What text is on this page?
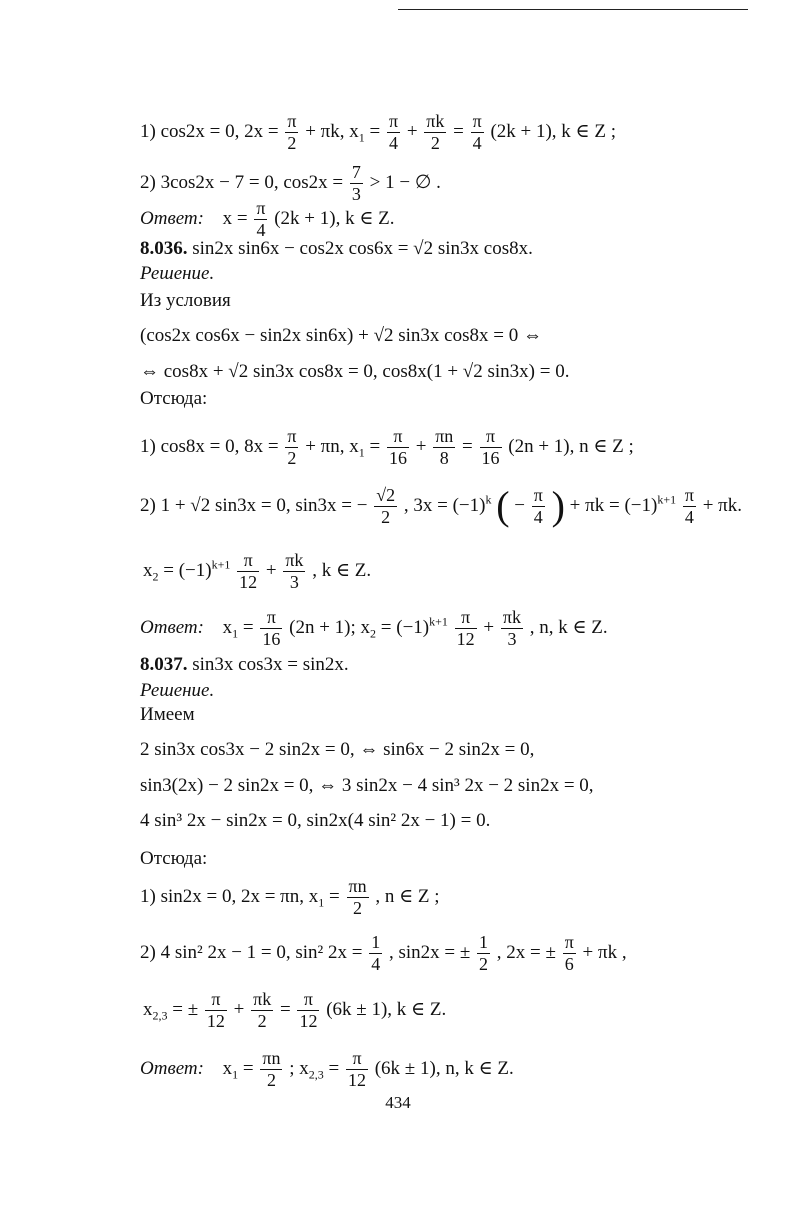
1) cos2x = 0, $2x = \frac{\pi}{2} + \pi k$, $x_1 = \frac{\pi}{4} + \frac{\pi k}{2} = \frac{\pi}{4} (2k + 1)$, k ∈ Z ;
2) 3cos2x − 7 = 0, $\cos 2x = \frac{7}{3} > 1$ − ∅ .
Ответ: $x = \frac{\pi}{4} (2k + 1)$, k ∈ Z.
8.036. sin2x sin6x − cos2x cos6x = √2 sin3x cos8x.
Решение.
Из условия
(cos2x cos6x − sin2x sin6x) + √2 sin3x cos8x = 0 ⇔
⇔ cos8x + √2 sin3x cos8x = 0, cos8x(1 + √2 sin3x) = 0.
Отсюда:
1) cos8x = 0, $8x = \frac{\pi}{2} + \pi n$, $x_1 = \frac{\pi}{16} + \frac{\pi n}{8} = \frac{\pi}{16} (2n + 1)$, n ∈ Z ;
2) 1 + √2 sin3x = 0, sin3x = − $\frac{√2}{2}$ , $3x = (-1)^k$ ( − $\frac{\pi}{4}$ ) + $\pi k = (-1)^{k+1} \frac{\pi}{4} + \pi k$.
$x_2 = (-1)^{k+1} \frac{\pi}{12} + \frac{\pi k}{3}$ , k ∈ Z.
Ответ: $x_1 = \frac{\pi}{16} (2n + 1)$; $x_2 = (-1)^{k+1} \frac{\pi}{12} + \frac{\pi k}{3}$ , n, k ∈ Z.
8.037. sin3x cos3x = sin2x.
Решение.
Имеем
2 sin3x cos3x − 2 sin2x = 0, ⇔ sin6x − 2 sin2x = 0,
sin3(2x) − 2 sin2x = 0, ⇔ 3 sin2x − 4 sin³ 2x − 2 sin2x = 0,
4 sin³ 2x − sin2x = 0, sin2x(4 sin² 2x − 1) = 0.
Отсюда:
1) sin2x = 0, 2x = πn, $x_1 = \frac{\pi n}{2}$ , n ∈ Z ;
2) 4 sin² 2x − 1 = 0, sin² $2x = \frac{1}{4}$ , sin2x = ± $\frac{1}{2}$ , 2x = ± $\frac{\pi}{6} + \pi k$ ,
$x_{2,3}$ = ± $\frac{\pi}{12} + \frac{\pi k}{2} = \frac{\pi}{12} (6k \pm 1)$, k ∈ Z.
Ответ: $x_1 = \frac{\pi n}{2}$ ; $x_{2,3} = \frac{\pi}{12} (6k \pm 1)$, n, k ∈ Z.
434
